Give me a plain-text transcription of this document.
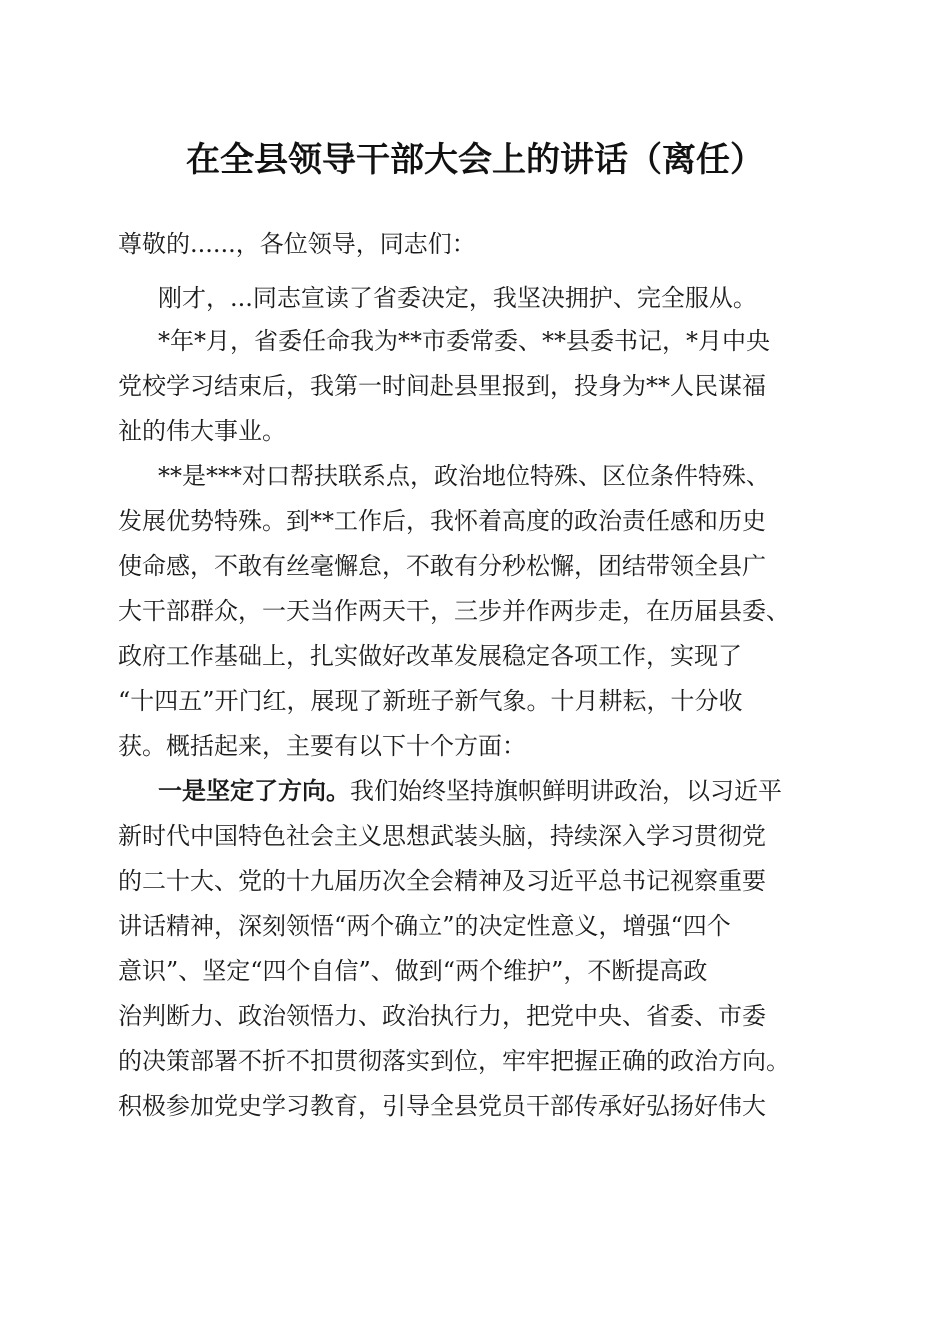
在全县领导干部大会上的讲话（离任）

尊敬的......，各位领导，同志们：

刚才，...同志宣读了省委决定，我坚决拥护、完全服从。

*年*月，省委任命我为**市委常委、**县委书记，*月中央

党校学习结束后，我第一时间赴县里报到，投身为**人民谋福

祉的伟大事业。

**是***对口帮扶联系点，政治地位特殊、区位条件特殊、

发展优势特殊。到**工作后，我怀着高度的政治责任感和历史

使命感，不敢有丝毫懈怠，不敢有分秒松懈，团结带领全县广

大干部群众，一天当作两天干，三步并作两步走，在历届县委、

政府工作基础上，扎实做好改革发展稳定各项工作，实现了

“十四五”开门红，展现了新班子新气象。十月耕耘，十分收

获。概括起来，主要有以下十个方面：

一是坚定了方向。我们始终坚持旗帜鲜明讲政治，以习近平

新时代中国特色社会主义思想武装头脑，持续深入学习贯彻党

的二十大、党的十九届历次全会精神及习近平总书记视察重要

讲话精神，深刻领悟“两个确立”的决定性意义，增强“四个

意识”、坚定“四个自信”、做到“两个维护”，不断提高政

治判断力、政治领悟力、政治执行力，把党中央、省委、市委

的决策部署不折不扣贯彻落实到位，牢牢把握正确的政治方向。

积极参加党史学习教育，引导全县党员干部传承好弘扬好伟大
